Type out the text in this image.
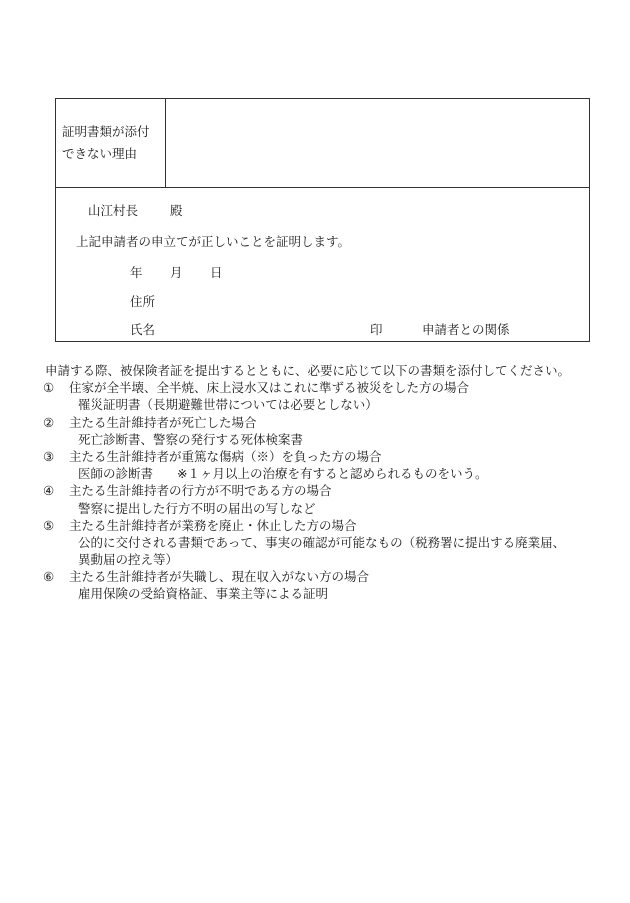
証明書類が添付
できない理由
山江村長	殿
上記申請者の申立てが正しいことを証明します。
年 月 日
住所
氏名	印	申請者との関係
申請する際、被保険者証を提出するとともに、必要に応じて以下の書類を添付してください。
① 住家が全半壊、全半焼、床上浸水又はこれに準ずる被災をした方の場合
罹災証明書（長期避難世帯については必要としない）
② 主たる生計維持者が死亡した場合
死亡診断書、警察の発行する死体検案書
③ 主たる生計維持者が重篤な傷病（※）を負った方の場合
医師の診断書 ※１ヶ月以上の治療を有すると認められるものをいう。
④ 主たる生計維持者の行方が不明である方の場合
警察に提出した行方不明の届出の写しなど
⑤ 主たる生計維持者が業務を廃止・休止した方の場合
公的に交付される書類であって、事実の確認が可能なもの（税務署に提出する廃業届、
異動届の控え等）
⑥ 主たる生計維持者が失職し、現在収入がない方の場合
雇用保険の受給資格証、事業主等による証明
